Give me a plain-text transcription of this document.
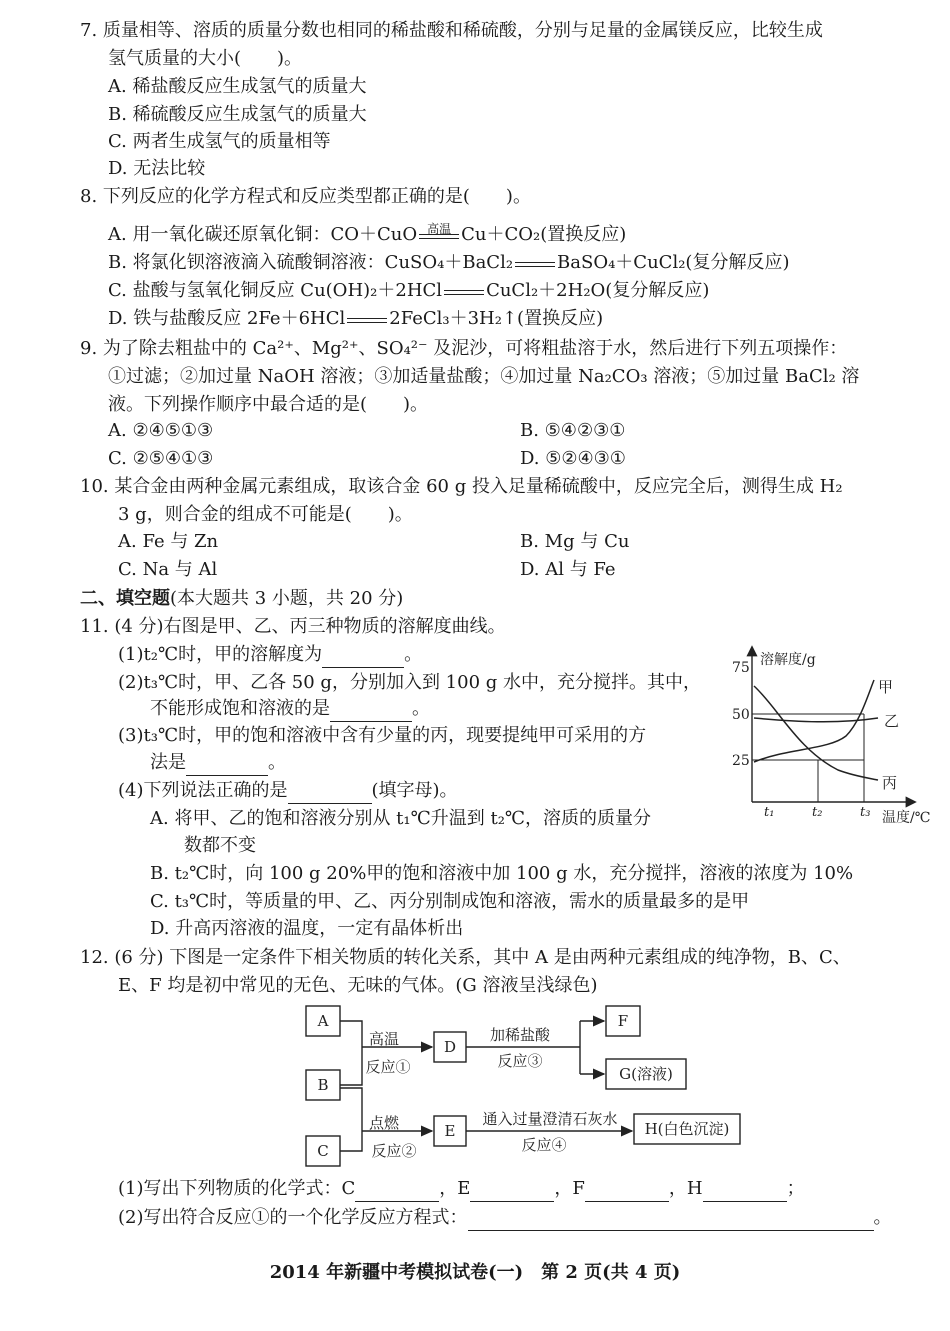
7. 质量相等、溶质的质量分数也相同的稀盐酸和稀硫酸，分别与足量的金属镁反应，比较生成
氢气质量的大小(　　)。
A. 稀盐酸反应生成氢气的质量大
B. 稀硫酸反应生成氢气的质量大
C. 两者生成氢气的质量相等
D. 无法比较
8. 下列反应的化学方程式和反应类型都正确的是(　　)。
A. 用一氧化碳还原氧化铜：CO＋CuO 高温 Cu＋CO₂(置换反应)
B. 将氯化钡溶液滴入硫酸铜溶液：CuSO₄＋BaCl₂ BaSO₄＋CuCl₂(复分解反应)
C. 盐酸与氢氧化铜反应 Cu(OH)₂＋2HCl CuCl₂＋2H₂O(复分解反应)
D. 铁与盐酸反应 2Fe＋6HCl 2FeCl₃＋3H₂↑(置换反应)
9. 为了除去粗盐中的 Ca²⁺、Mg²⁺、SO₄²⁻ 及泥沙，可将粗盐溶于水，然后进行下列五项操作：
①过滤；②加过量 NaOH 溶液；③加适量盐酸；④加过量 Na₂CO₃ 溶液；⑤加过量 BaCl₂ 溶
液。下列操作顺序中最合适的是(　　)。
A. ②④⑤①③	B. ⑤④②③①
C. ②⑤④①③	D. ⑤②④③①
10. 某合金由两种金属元素组成，取该合金 60 g 投入足量稀硫酸中，反应完全后，测得生成 H₂
3 g，则合金的组成不可能是(　　)。
A. Fe 与 Zn	B. Mg 与 Cu
C. Na 与 Al	D. Al 与 Fe
二、填空题(本大题共 3 小题，共 20 分)
11. (4 分)右图是甲、乙、丙三种物质的溶解度曲线。
(1)t₂℃时，甲的溶解度为	。
(2)t₃℃时，甲、乙各 50 g，分别加入到 100 g 水中，充分搅拌。其中，
不能形成饱和溶液的是	。
(3)t₃℃时，甲的饱和溶液中含有少量的丙，现要提纯甲可采用的方
法是	。
(4)下列说法正确的是	(填字母)。
A. 将甲、乙的饱和溶液分别从 t₁℃升温到 t₂℃，溶质的质量分
数都不变
B. t₂℃时，向 100 g 20%甲的饱和溶液中加 100 g 水，充分搅拌，溶液的浓度为 10%
C. t₃℃时，等质量的甲、乙、丙分别制成饱和溶液，需水的质量最多的是甲
D. 升高丙溶液的温度，一定有晶体析出
溶解度/g
温度/℃
75
50
25
t₁	t₂	t₃
甲
乙
丙
12. (6 分) 下图是一定条件下相关物质的转化关系，其中 A 是由两种元素组成的纯净物，B、C、
E、F 均是初中常见的无色、无味的气体。(G 溶液呈浅绿色)
A
B
C
D
E
F
G(溶液)
H(白色沉淀)
高温
反应①
点燃
反应②
加稀盐酸
反应③
通入过量澄清石灰水
反应④
(1)写出下列物质的化学式：C	，E	，F	，H	；
(2)写出符合反应①的一个化学反应方程式：	。
2014 年新疆中考模拟试卷(一)　第 2 页(共 4 页)
